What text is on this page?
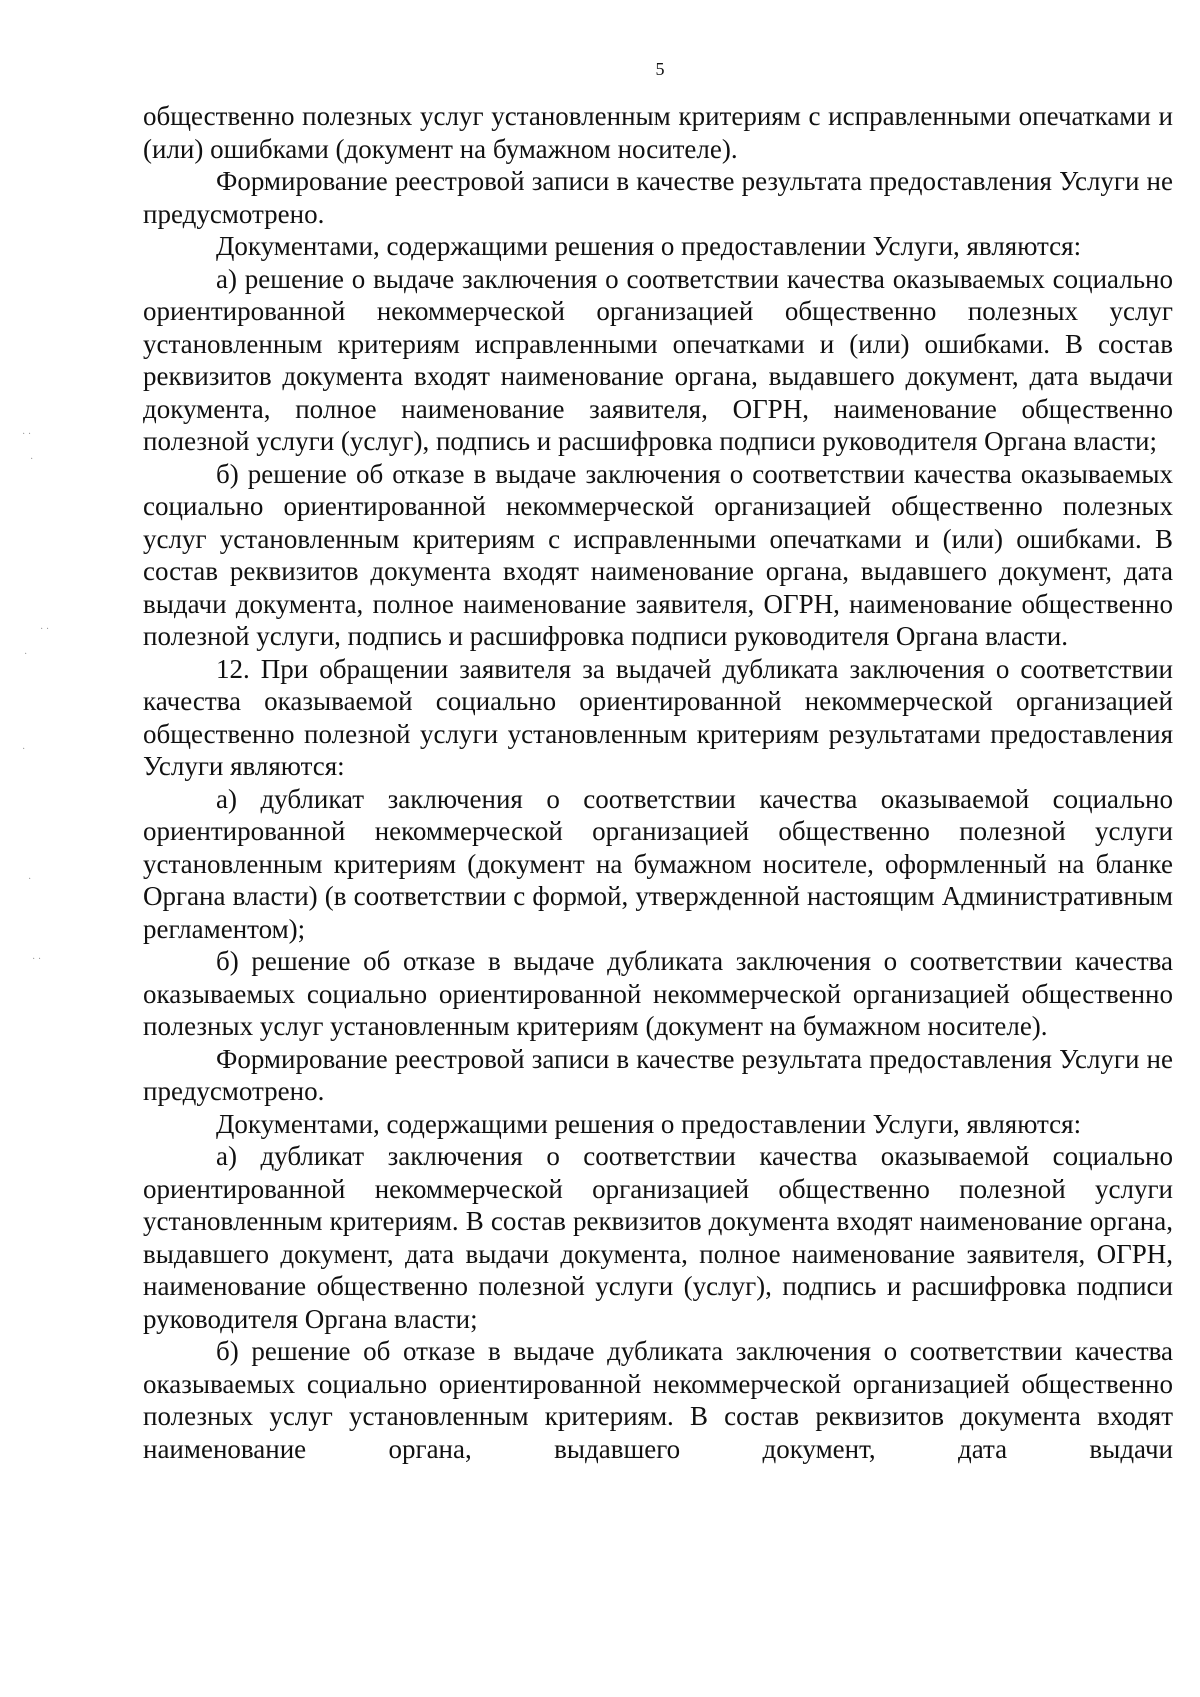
5
· ·
·
· ·
·
·
·
· ·

общественно полезных услуг установленным критериям с исправленными опечатками и (или) ошибками (документ на бумажном носителе).

Формирование реестровой записи в качестве результата предоставления Услуги не предусмотрено.

Документами, содержащими решения о предоставлении Услуги, являются:

а) решение о выдаче заключения о соответствии качества оказываемых социально ориентированной некоммерческой организацией общественно полезных услуг установленным критериям исправленными опечатками и (или) ошибками. В состав реквизитов документа входят наименование органа, выдавшего документ, дата выдачи документа, полное наименование заявителя, ОГРН, наименование общественно полезной услуги (услуг), подпись и расшифровка подписи руководителя Органа власти;

б) решение об отказе в выдаче заключения о соответствии качества оказываемых социально ориентированной некоммерческой организацией общественно полезных услуг установленным критериям с исправленными опечатками и (или) ошибками. В состав реквизитов документа входят наименование органа, выдавшего документ, дата выдачи документа, полное наименование заявителя, ОГРН, наименование общественно полезной услуги, подпись и расшифровка подписи руководителя Органа власти.

12. При обращении заявителя за выдачей дубликата заключения о соответствии качества оказываемой социально ориентированной некоммерческой организацией общественно полезной услуги установленным критериям результатами предоставления Услуги являются:

а) дубликат заключения о соответствии качества оказываемой социально ориентированной некоммерческой организацией общественно полезной услуги установленным критериям (документ на бумажном носителе, оформленный на бланке Органа власти) (в соответствии с формой, утвержденной настоящим Административным регламентом);

б) решение об отказе в выдаче дубликата заключения о соответствии качества оказываемых социально ориентированной некоммерческой организацией общественно полезных услуг установленным критериям (документ на бумажном носителе).

Формирование реестровой записи в качестве результата предоставления Услуги не предусмотрено.

Документами, содержащими решения о предоставлении Услуги, являются:

а) дубликат заключения о соответствии качества оказываемой социально ориентированной некоммерческой организацией общественно полезной услуги установленным критериям. В состав реквизитов документа входят наименование органа, выдавшего документ, дата выдачи документа, полное наименование заявителя, ОГРН, наименование общественно полезной услуги (услуг), подпись и расшифровка подписи руководителя Органа власти;

б) решение об отказе в выдаче дубликата заключения о соответствии качества оказываемых социально ориентированной некоммерческой организацией общественно полезных услуг установленным критериям. В состав реквизитов документа входят наименование органа, выдавшего документ, дата выдачи
